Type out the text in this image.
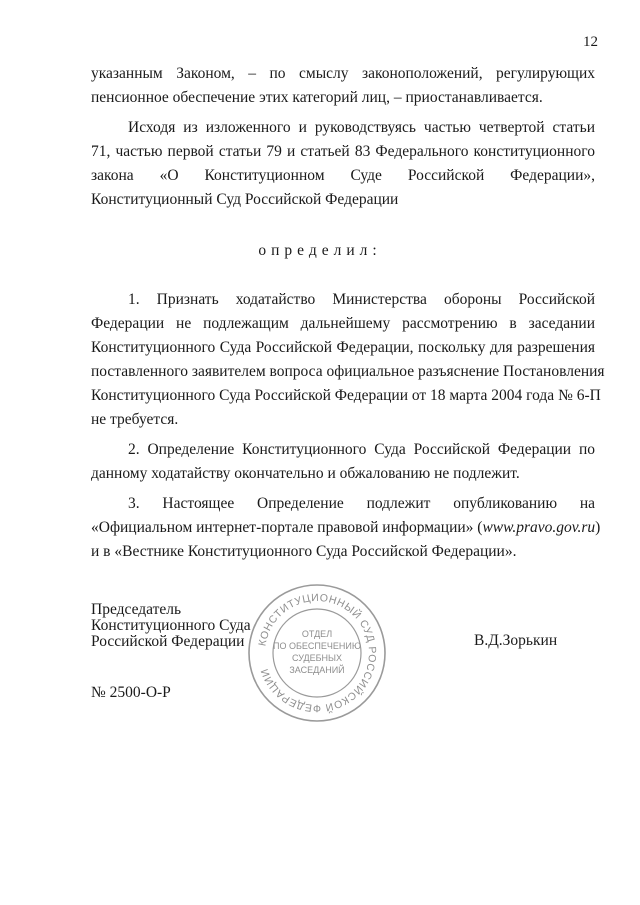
12
указанным Законом, – по смыслу законоположений, регулирующих
пенсионное обеспечение этих категорий лиц, – приостанавливается.
Исходя из изложенного и руководствуясь частью четвертой статьи
71, частью первой статьи 79 и статьей 83 Федерального конституционного
закона «О Конституционном Суде Российской Федерации»,
Конституционный Суд Российской Федерации
определил:
1. Признать ходатайство Министерства обороны Российской
Федерации не подлежащим дальнейшему рассмотрению в заседании
Конституционного Суда Российской Федерации, поскольку для разрешения
поставленного заявителем вопроса официальное разъяснение Постановления
Конституционного Суда Российской Федерации от 18 марта 2004 года № 6-П
не требуется.
2. Определение Конституционного Суда Российской Федерации по
данному ходатайству окончательно и обжалованию не подлежит.
3. Настоящее Определение подлежит опубликованию на
«Официальном интернет-портале правовой информации» (www.pravo.gov.ru)
и в «Вестнике Конституционного Суда Российской Федерации».
Председатель
Конституционного Суда
Российской Федерации	В.Д.Зорькин
№ 2500-О-Р
КОНСТИТУЦИОННЫЙ СУД РОССИЙСКОЙ ФЕДЕРАЦИИ
ОТДЕЛ
ПО ОБЕСПЕЧЕНИЮ
СУДЕБНЫХ
ЗАСЕДАНИЙ
